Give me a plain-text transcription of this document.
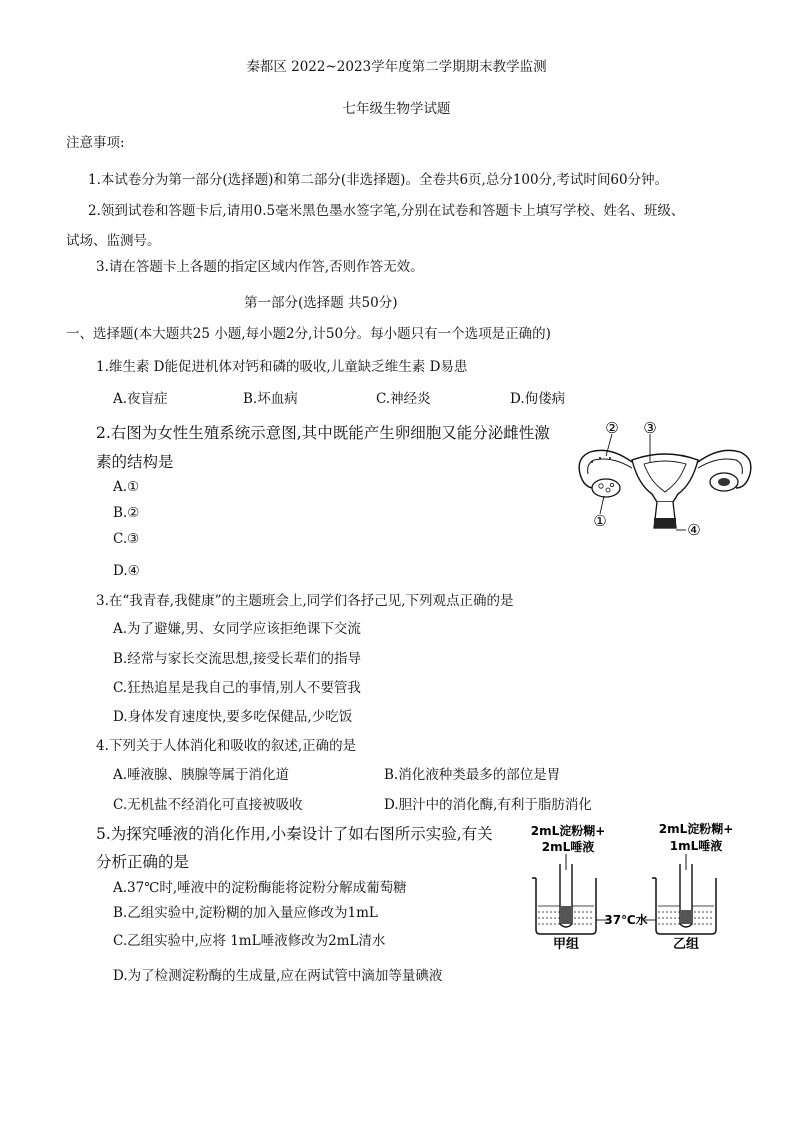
秦都区 2022~2023学年度第二学期期末教学监测
七年级生物学试题
注意事项:
1.本试卷分为第一部分(选择题)和第二部分(非选择题)。全卷共6页,总分100分,考试时间60分钟。
2.领到试卷和答题卡后,请用0.5毫米黑色墨水签字笔,分别在试卷和答题卡上填写学校、姓名、班级、
试场、监测号。
3.请在答题卡上各题的指定区域内作答,否则作答无效。
第一部分(选择题 共50分)
一、选择题(本大题共25 小题,每小题2分,计50分。每小题只有一个选项是正确的)
1.维生素 D能促进机体对钙和磷的吸收,儿童缺乏维生素 D易患
A.夜盲症	B.坏血病	C.神经炎	D.佝偻病
2.右图为女性生殖系统示意图,其中既能产生卵细胞又能分泌雌性激
素的结构是
A.①
B.②
C.③
D.④
② ③
①	④
3.在“我青春,我健康”的主题班会上,同学们各抒己见,下列观点正确的是
A.为了避嫌,男、女同学应该拒绝课下交流
B.经常与家长交流思想,接受长辈们的指导
C.狂热追星是我自己的事情,别人不要管我
D.身体发育速度快,要多吃保健品,少吃饭
4.下列关于人体消化和吸收的叙述,正确的是
A.唾液腺、胰腺等属于消化道	B.消化液种类最多的部位是胃
C.无机盐不经消化可直接被吸收	D.胆汁中的消化酶,有利于脂肪消化
5.为探究唾液的消化作用,小秦设计了如右图所示实验,有关
分析正确的是
A.37℃时,唾液中的淀粉酶能将淀粉分解成葡萄糖
B.乙组实验中,淀粉糊的加入量应修改为1mL
C.乙组实验中,应将 1mL唾液修改为2mL清水
D.为了检测淀粉酶的生成量,应在两试管中滴加等量碘液
2mL淀粉糊+
2mL唾液
2mL淀粉糊+
1mL唾液
37℃水
甲组	乙组
